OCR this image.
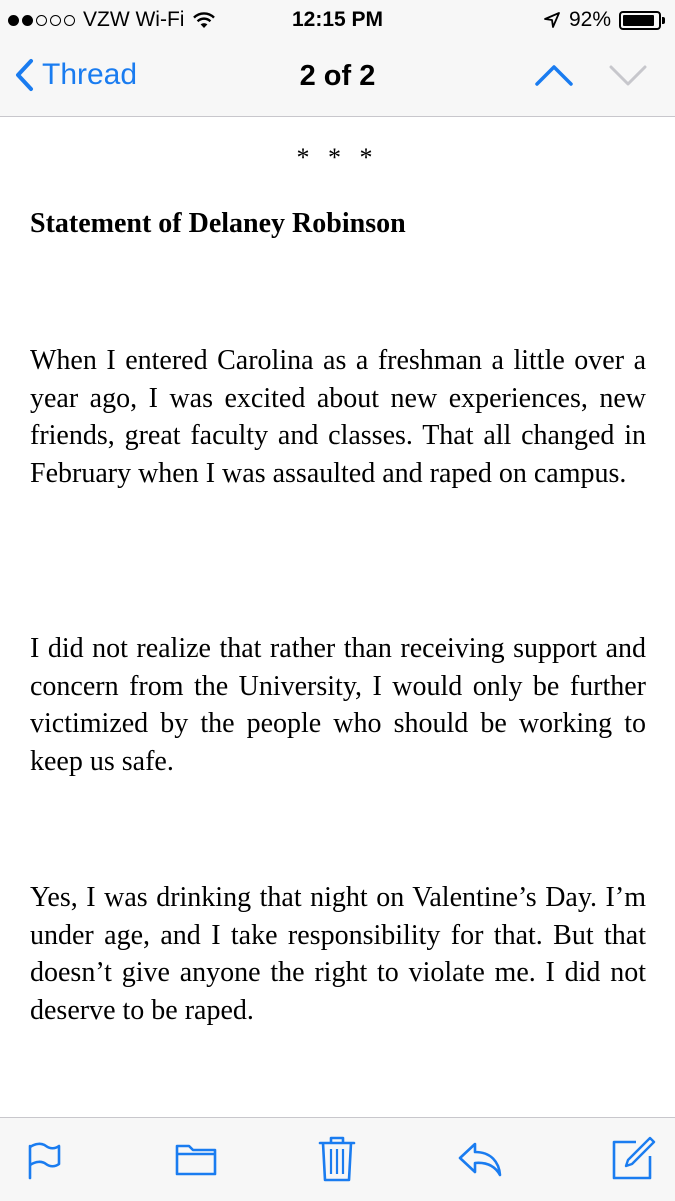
VZW Wi-Fi	12:15 PM	92%
Thread	2 of 2
* * *
Statement of Delaney Robinson
When I entered Carolina as a freshman a little over a year ago, I was excited about new experiences, new friends, great faculty and classes. That all changed in February when I was assaulted and raped on campus.
I did not realize that rather than receiving support and concern from the University, I would only be further victimized by the people who should be working to keep us safe.
Yes, I was drinking that night on Valentine’s Day. I’m under age, and I take responsibility for that. But that doesn’t give anyone the right to violate me. I did not deserve to be raped.
